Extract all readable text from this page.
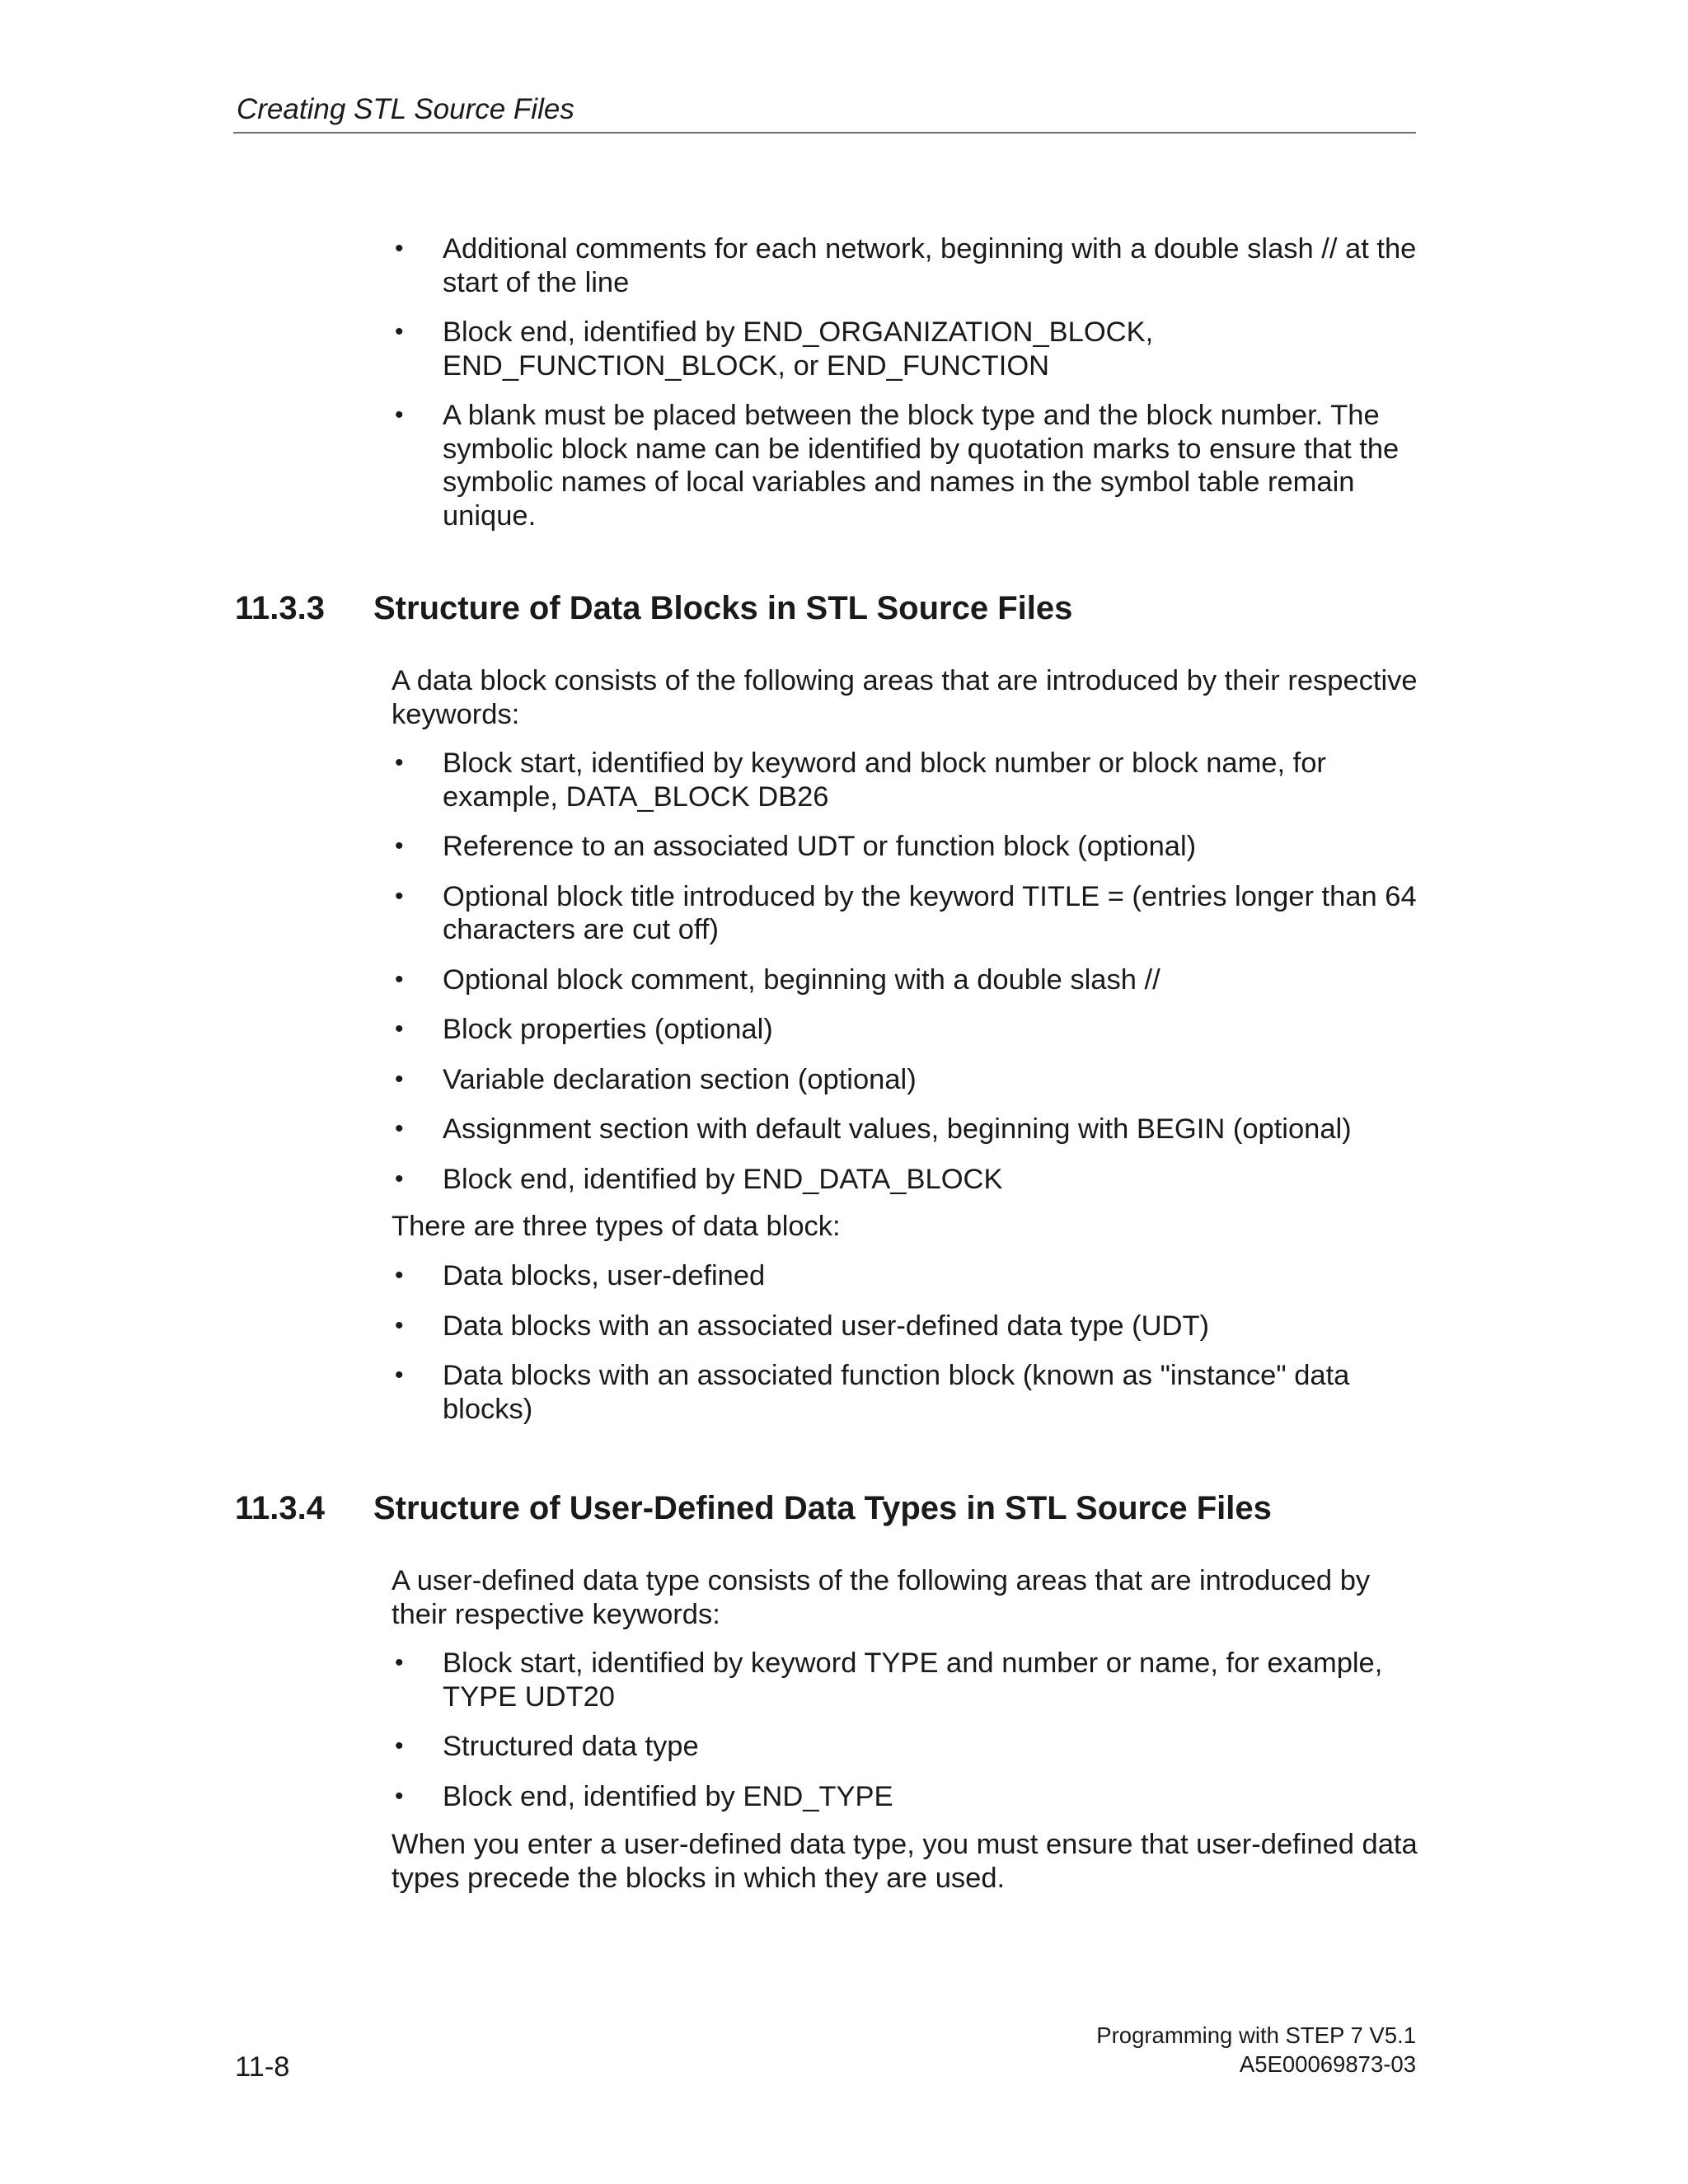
Creating STL Source Files
• Additional comments for each network, beginning with a double slash // at the start of the line
• Block end, identified by END_ORGANIZATION_BLOCK, END_FUNCTION_BLOCK, or END_FUNCTION
• A blank must be placed between the block type and the block number. The symbolic block name can be identified by quotation marks to ensure that the symbolic names of local variables and names in the symbol table remain unique.
11.3.3 Structure of Data Blocks in STL Source Files
A data block consists of the following areas that are introduced by their respective keywords:
• Block start, identified by keyword and block number or block name, for example, DATA_BLOCK DB26
• Reference to an associated UDT or function block (optional)
• Optional block title introduced by the keyword TITLE = (entries longer than 64 characters are cut off)
• Optional block comment, beginning with a double slash //
• Block properties (optional)
• Variable declaration section (optional)
• Assignment section with default values, beginning with BEGIN (optional)
• Block end, identified by END_DATA_BLOCK
There are three types of data block:
• Data blocks, user-defined
• Data blocks with an associated user-defined data type (UDT)
• Data blocks with an associated function block (known as "instance" data blocks)
11.3.4 Structure of User-Defined Data Types in STL Source Files
A user-defined data type consists of the following areas that are introduced by their respective keywords:
• Block start, identified by keyword TYPE and number or name, for example, TYPE UDT20
• Structured data type
• Block end, identified by END_TYPE
When you enter a user-defined data type, you must ensure that user-defined data types precede the blocks in which they are used.
11-8
Programming with STEP 7 V5.1
A5E00069873-03
